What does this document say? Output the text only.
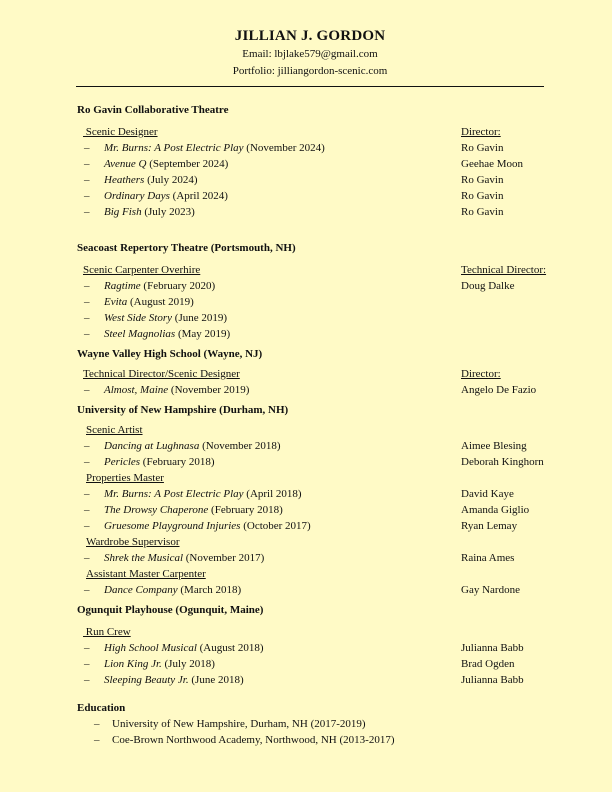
JILLIAN J. GORDON
Email: lbjlake579@gmail.com
Portfolio: jilliangordon-scenic.com
Ro Gavin Collaborative Theatre
Scenic Designer	Director:
– Mr. Burns: A Post Electric Play (November 2024)	Ro Gavin
– Avenue Q (September 2024)	Geehae Moon
– Heathers (July 2024)	Ro Gavin
– Ordinary Days (April 2024)	Ro Gavin
– Big Fish (July 2023)	Ro Gavin
Seacoast Repertory Theatre (Portsmouth, NH)
Scenic Carpenter Overhire	Technical Director:
– Ragtime (February 2020)	Doug Dalke
– Evita (August 2019)
– West Side Story (June 2019)
– Steel Magnolias (May 2019)
Wayne Valley High School (Wayne, NJ)
Technical Director/Scenic Designer	Director:
– Almost, Maine (November 2019)	Angelo De Fazio
University of New Hampshire (Durham, NH)
Scenic Artist
– Dancing at Lughnasa (November 2018)	Aimee Blesing
– Pericles (February 2018)	Deborah Kinghorn
Properties Master
– Mr. Burns: A Post Electric Play (April 2018)	David Kaye
– The Drowsy Chaperone (February 2018)	Amanda Giglio
– Gruesome Playground Injuries (October 2017)	Ryan Lemay
Wardrobe Supervisor
– Shrek the Musical (November 2017)	Raina Ames
Assistant Master Carpenter
– Dance Company (March 2018)	Gay Nardone
Ogunquit Playhouse (Ogunquit, Maine)
Run Crew
– High School Musical (August 2018)	Julianna Babb
– Lion King Jr. (July 2018)	Brad Ogden
– Sleeping Beauty Jr. (June 2018)	Julianna Babb
Education
– University of New Hampshire, Durham, NH (2017-2019)
– Coe-Brown Northwood Academy, Northwood, NH (2013-2017)
